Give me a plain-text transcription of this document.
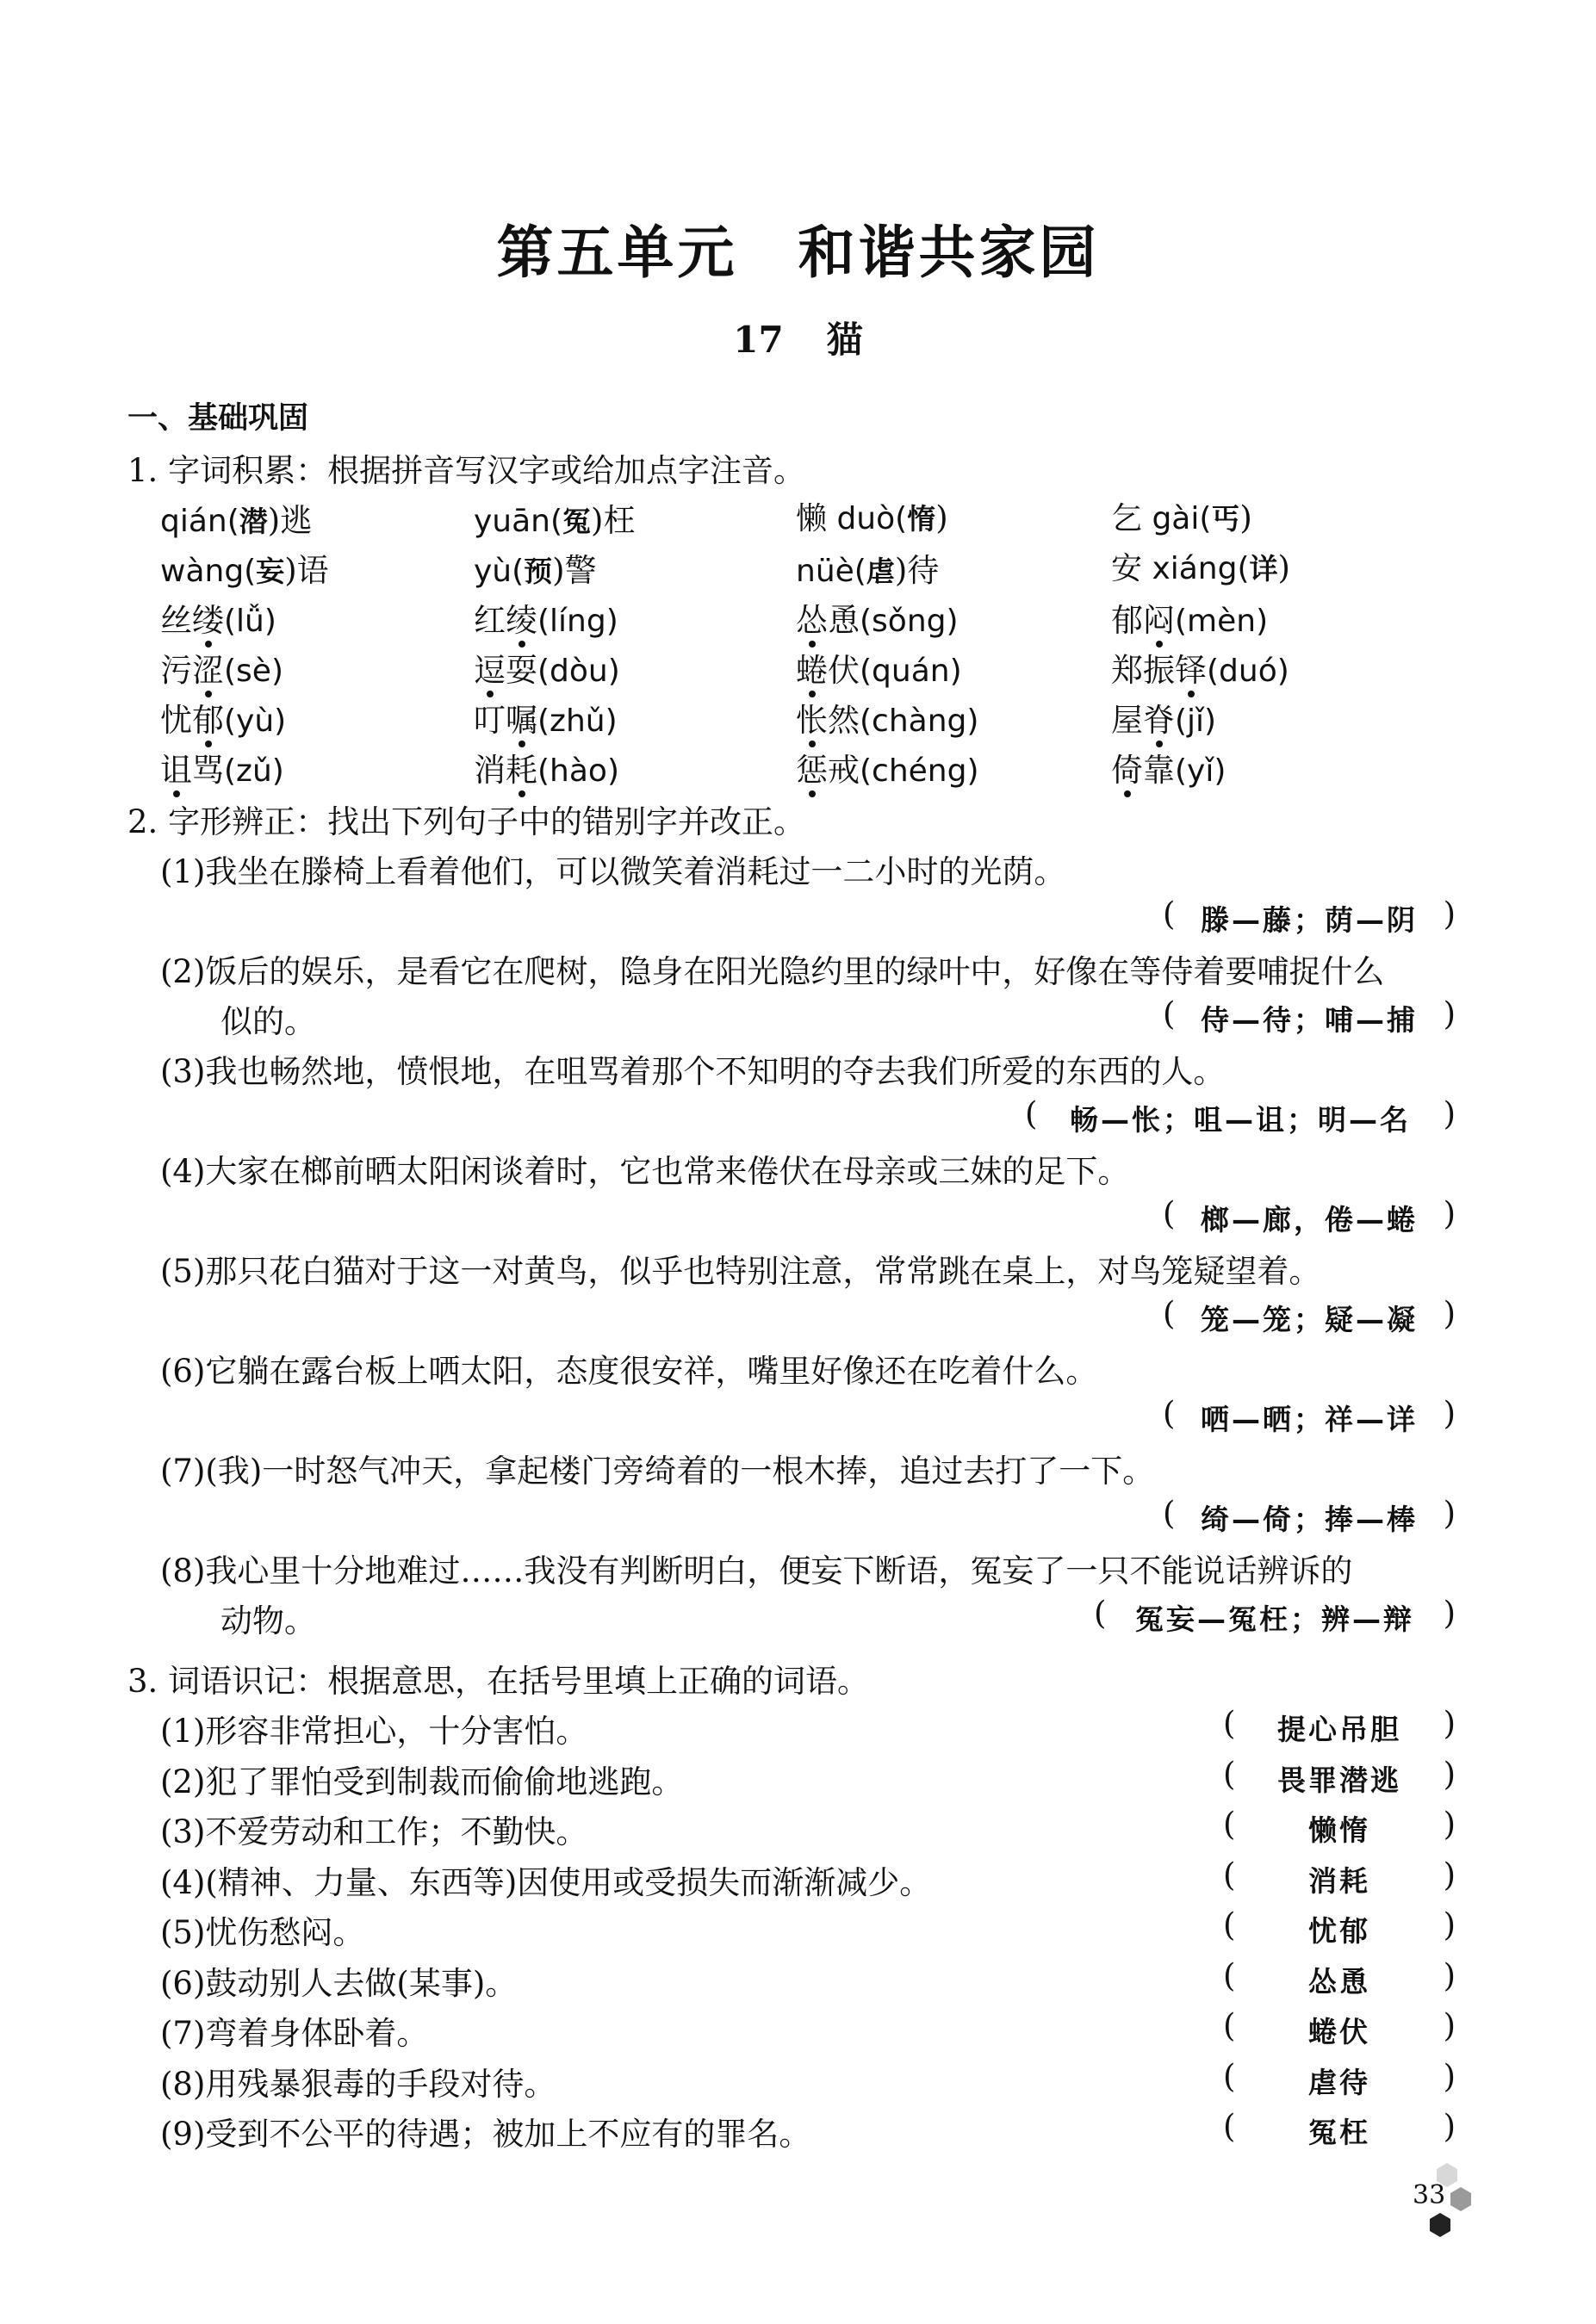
第五单元 和谐共家园
17 猫
一、基础巩固
1. 字词积累：根据拼音写汉字或给加点字注音。
qián(潜)逃	yuān(冤)枉	懒 duò(惰)	乞 gài(丐)
wàng(妄)语	yù(预)警	nüè(虐)待	安 xiáng(详)
丝缕(lǚ)	红绫(líng)	怂恿(sǒng)	郁闷(mèn)
污涩(sè)	逗耍(dòu)	蜷伏(quán)	郑振铎(duó)
忧郁(yù)	叮嘱(zhǔ)	怅然(chàng)	屋脊(jǐ)
诅骂(zǔ)	消耗(hào)	惩戒(chéng)	倚靠(yǐ)
2. 字形辨正：找出下列句子中的错别字并改正。
(1)我坐在滕椅上看着他们，可以微笑着消耗过一二小时的光荫。
( 滕—藤；荫—阴 )
(2)饭后的娱乐，是看它在爬树，隐身在阳光隐约里的绿叶中，好像在等侍着要哺捉什么
似的。	( 侍—待；哺—捕 )
(3)我也畅然地，愤恨地，在咀骂着那个不知明的夺去我们所爱的东西的人。
(	畅—怅；咀—诅；明—名	)
(4)大家在榔前晒太阳闲谈着时，它也常来倦伏在母亲或三妹的足下。
( 榔—廊，倦—蜷 )
(5)那只花白猫对于这一对黄鸟，似乎也特别注意，常常跳在桌上，对鸟笼疑望着。
( 笼—笼；疑—凝 )
(6)它躺在露台板上哂太阳，态度很安祥，嘴里好像还在吃着什么。
( 哂—晒；祥—详 )
(7)(我)一时怒气冲天，拿起楼门旁绮着的一根木捧，追过去打了一下。
( 绮—倚；捧—棒 )
(8)我心里十分地难过……我没有判断明白，便妄下断语，冤妄了一只不能说话辨诉的
动物。	(	冤妄—冤枉；辨—辩 )
3. 词语识记：根据意思，在括号里填上正确的词语。
(1)形容非常担心，十分害怕。	(	提心吊胆	)
(2)犯了罪怕受到制裁而偷偷地逃跑。	(	畏罪潜逃	)
(3)不爱劳动和工作；不勤快。	(	懒惰	)
(4)(精神、力量、东西等)因使用或受损失而渐渐减少。	(	消耗	)
(5)忧伤愁闷。	(	忧郁	)
(6)鼓动别人去做(某事)。	(	怂恿	)
(7)弯着身体卧着。	(	蜷伏	)
(8)用残暴狠毒的手段对待。	(	虐待	)
(9)受到不公平的待遇；被加上不应有的罪名。	(	冤枉	)
33
